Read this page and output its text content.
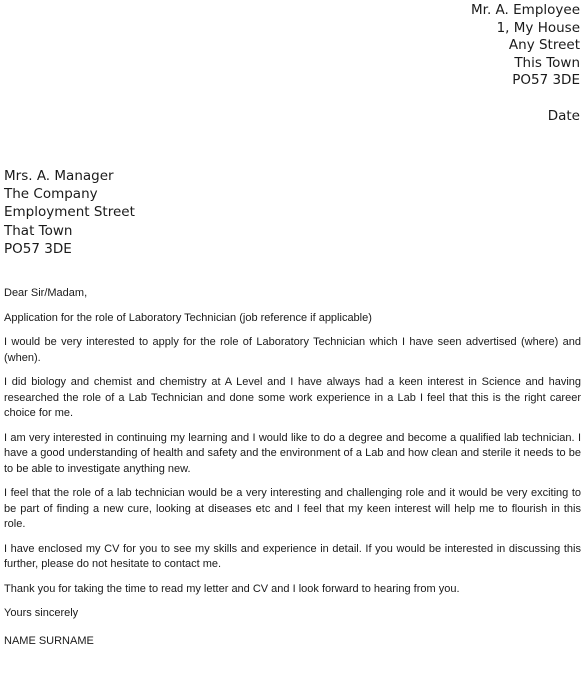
Mr. A. Employee
1, My House
Any Street
This Town
PO57 3DE
Date
Mrs. A. Manager
The Company
Employment Street
That Town
PO57 3DE

Dear Sir/Madam,

Application for the role of Laboratory Technician (job reference if applicable)

I would be very interested to apply for the role of Laboratory Technician which I have seen advertised (where) and (when).

I did biology and chemist and chemistry at A Level and I have always had a keen interest in Science and having researched the role of a Lab Technician and done some work experience in a Lab I feel that this is the right career choice for me.

I am very interested in continuing my learning and I would like to do a degree and become a qualified lab technician. I have a good understanding of health and safety and the environment of a Lab and how clean and sterile it needs to be to be able to investigate anything new.

I feel that the role of a lab technician would be a very interesting and challenging role and it would be very exciting to be part of finding a new cure, looking at diseases etc and I feel that my keen interest will help me to flourish in this role.

I have enclosed my CV for you to see my skills and experience in detail. If you would be interested in discussing this further, please do not hesitate to contact me.

Thank you for taking the time to read my letter and CV and I look forward to hearing from you.

Yours sincerely

NAME SURNAME
